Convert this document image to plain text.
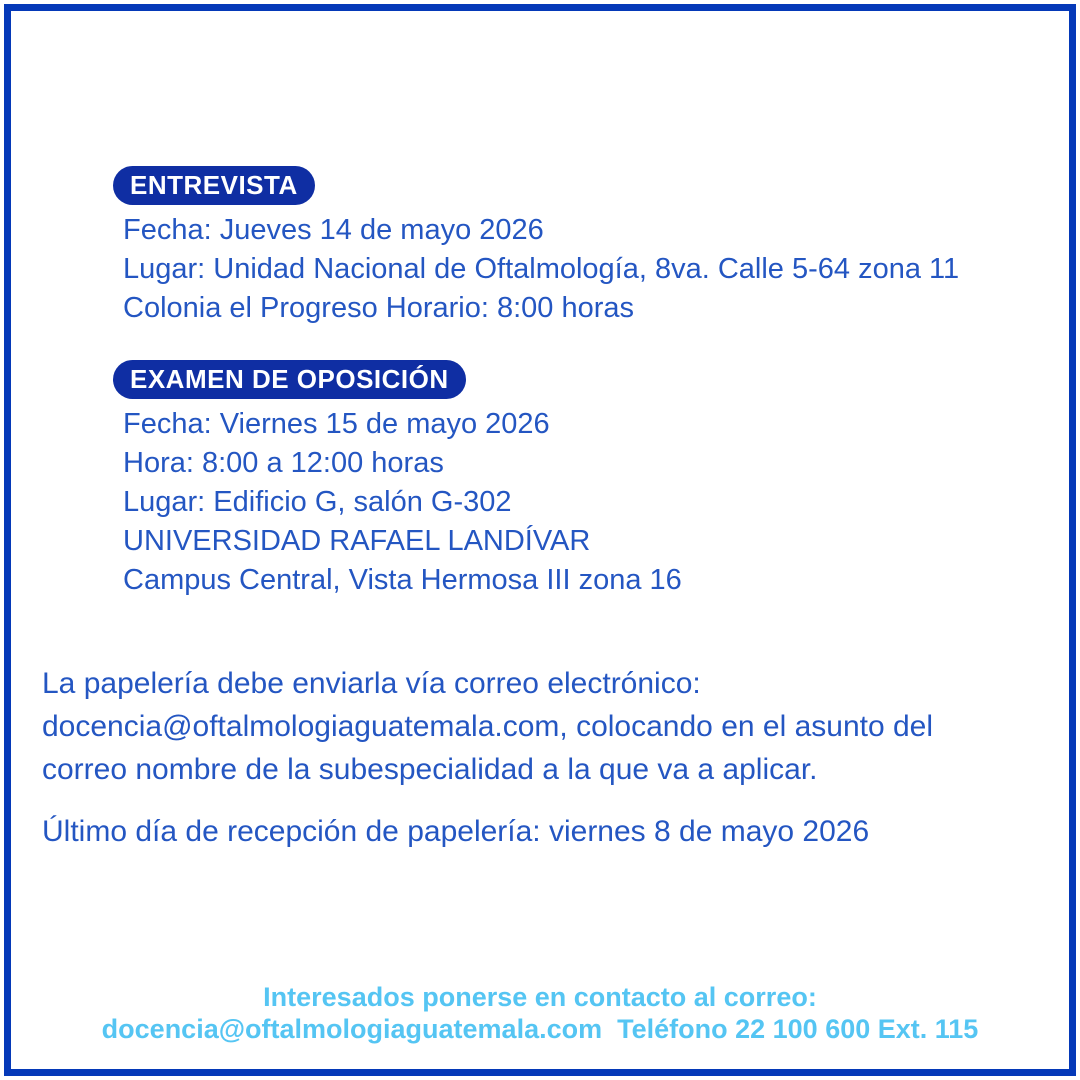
ENTREVISTA
Fecha: Jueves 14 de mayo 2026
Lugar: Unidad Nacional de Oftalmología, 8va. Calle 5-64 zona 11
Colonia el Progreso Horario: 8:00 horas
EXAMEN DE OPOSICIÓN
Fecha: Viernes 15 de mayo 2026
Hora: 8:00 a 12:00 horas
Lugar: Edificio G, salón G-302
UNIVERSIDAD RAFAEL LANDÍVAR
Campus Central, Vista Hermosa III zona 16
La papelería debe enviarla vía correo electrónico:
docencia@oftalmologiaguatemala.com, colocando en el asunto del
correo nombre de la subespecialidad a la que va a aplicar.
Último día de recepción de papelería: viernes 8 de mayo 2026
Interesados ponerse en contacto al correo:
docencia@oftalmologiaguatemala.com  Teléfono 22 100 600 Ext. 115
